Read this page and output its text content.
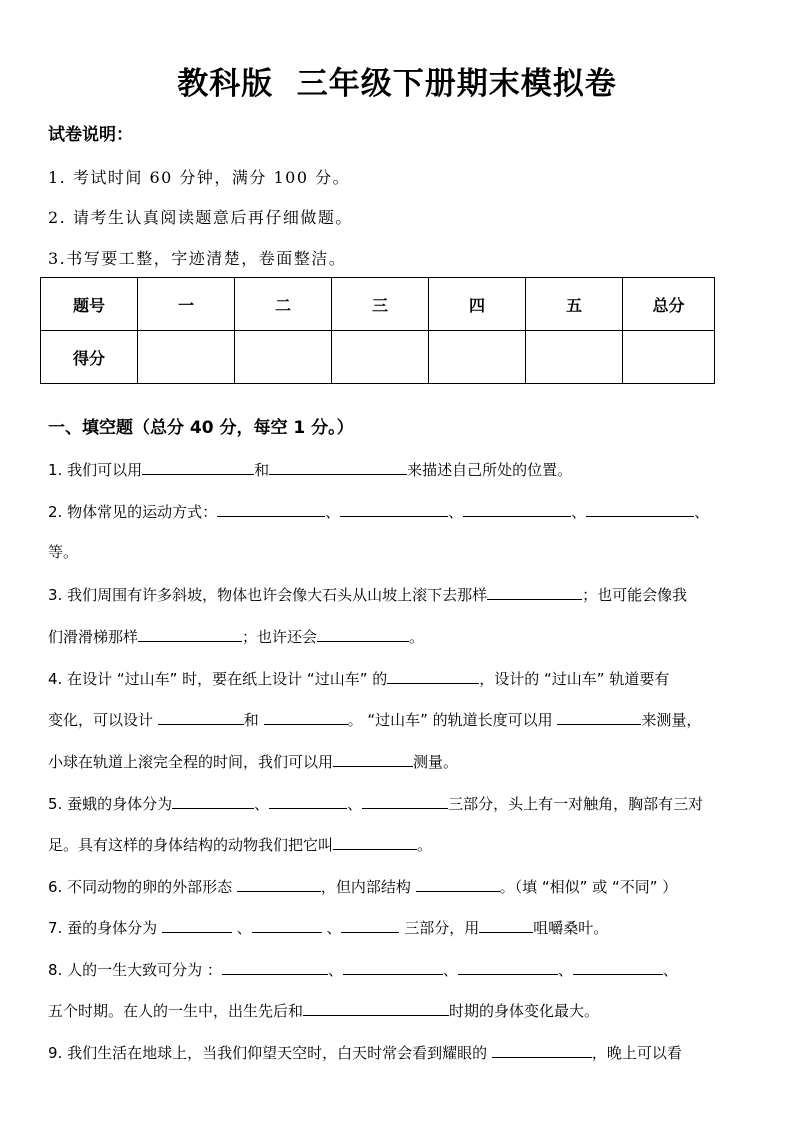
教科版  三年级下册期末模拟卷
试卷说明：
1. 考试时间 60 分钟，满分 100 分。
2. 请考生认真阅读题意后再仔细做题。
3.书写要工整，字迹清楚，卷面整洁。
题号	一	二	三	四	五	总分
得分						
一、填空题（总分 40 分，每空 1 分。）
1. 我们可以用	和	来描述自己所处的位置。
2. 物体常见的运动方式：	、	、	、	、
等。
3. 我们周围有许多斜坡，物体也许会像大石头从山坡上滚下去那样	；也可能会像我
们滑滑梯那样	；也许还会	。
4. 在设计 “过山车” 时，要在纸上设计 “过山车” 的	，设计的 “过山车” 轨道要有
变化，可以设计	和	。 “过山车” 的轨道长度可以用	来测量，
小球在轨道上滚完全程的时间，我们可以用	测量。
5. 蚕蛾的身体分为	、	、	三部分，头上有一对触角，胸部有三对
足。具有这样的身体结构的动物我们把它叫	。
6. 不同动物的卵的外部形态	，但内部结构	。（填 “相似” 或 “不同” ）
7. 蚕的身体分为	、	、	三部分，用	咀嚼桑叶。
8. 人的一生大致可分为 ：	、	、	、	、
五个时期。在人的一生中，出生先后和	时期的身体变化最大。
9. 我们生活在地球上，当我们仰望天空时，白天时常会看到耀眼的	，晚上可以看
